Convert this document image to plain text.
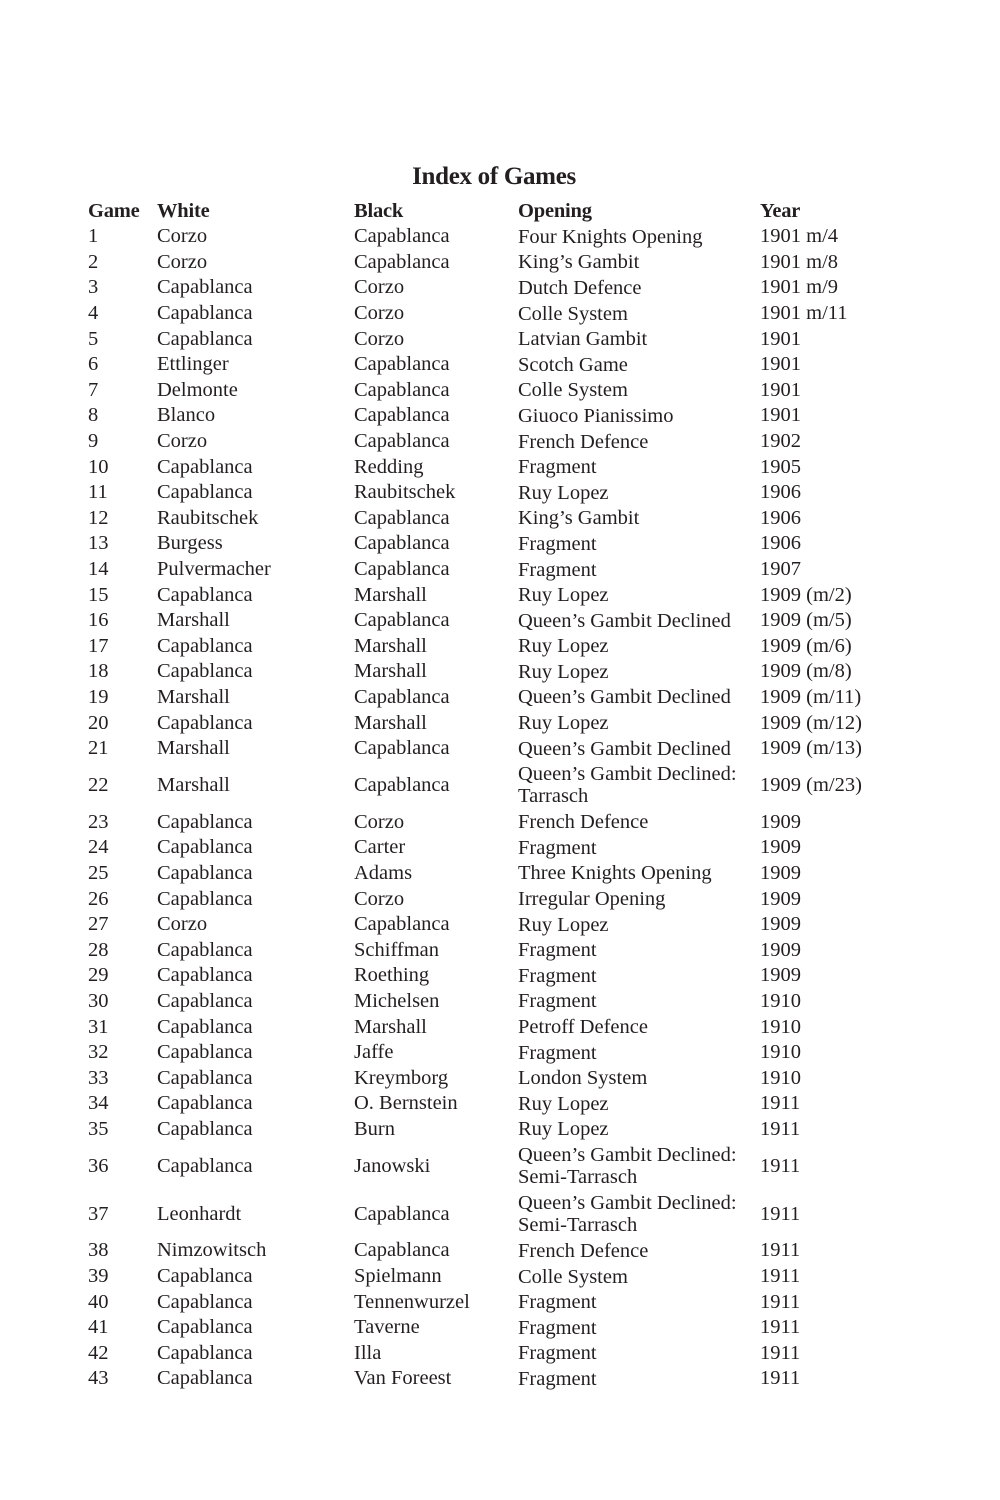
Index of Games
Game	White	Black	Opening	Year
1	Corzo	Capablanca	Four Knights Opening	1901 m/4
2	Corzo	Capablanca	King’s Gambit	1901 m/8
3	Capablanca	Corzo	Dutch Defence	1901 m/9
4	Capablanca	Corzo	Colle System	1901 m/11
5	Capablanca	Corzo	Latvian Gambit	1901
6	Ettlinger	Capablanca	Scotch Game	1901
7	Delmonte	Capablanca	Colle System	1901
8	Blanco	Capablanca	Giuoco Pianissimo	1901
9	Corzo	Capablanca	French Defence	1902
10	Capablanca	Redding	Fragment	1905
11	Capablanca	Raubitschek	Ruy Lopez	1906
12	Raubitschek	Capablanca	King’s Gambit	1906
13	Burgess	Capablanca	Fragment	1906
14	Pulvermacher	Capablanca	Fragment	1907
15	Capablanca	Marshall	Ruy Lopez	1909 (m/2)
16	Marshall	Capablanca	Queen’s Gambit Declined	1909 (m/5)
17	Capablanca	Marshall	Ruy Lopez	1909 (m/6)
18	Capablanca	Marshall	Ruy Lopez	1909 (m/8)
19	Marshall	Capablanca	Queen’s Gambit Declined	1909 (m/11)
20	Capablanca	Marshall	Ruy Lopez	1909 (m/12)
21	Marshall	Capablanca	Queen’s Gambit Declined	1909 (m/13)
22	Marshall	Capablanca	Queen’s Gambit Declined: Tarrasch	1909 (m/23)
23	Capablanca	Corzo	French Defence	1909
24	Capablanca	Carter	Fragment	1909
25	Capablanca	Adams	Three Knights Opening	1909
26	Capablanca	Corzo	Irregular Opening	1909
27	Corzo	Capablanca	Ruy Lopez	1909
28	Capablanca	Schiffman	Fragment	1909
29	Capablanca	Roething	Fragment	1909
30	Capablanca	Michelsen	Fragment	1910
31	Capablanca	Marshall	Petroff Defence	1910
32	Capablanca	Jaffe	Fragment	1910
33	Capablanca	Kreymborg	London System	1910
34	Capablanca	O. Bernstein	Ruy Lopez	1911
35	Capablanca	Burn	Ruy Lopez	1911
36	Capablanca	Janowski	Queen’s Gambit Declined: Semi-Tarrasch	1911
37	Leonhardt	Capablanca	Queen’s Gambit Declined: Semi-Tarrasch	1911
38	Nimzowitsch	Capablanca	French Defence	1911
39	Capablanca	Spielmann	Colle System	1911
40	Capablanca	Tennenwurzel	Fragment	1911
41	Capablanca	Taverne	Fragment	1911
42	Capablanca	Illa	Fragment	1911
43	Capablanca	Van Foreest	Fragment	1911
